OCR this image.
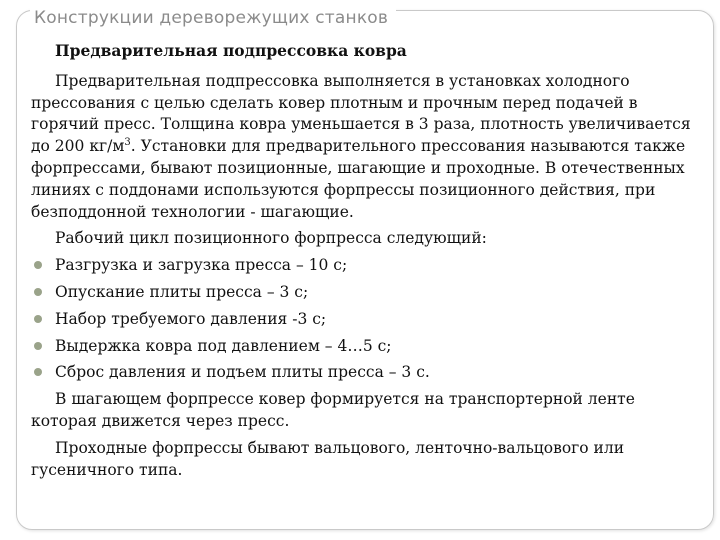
Конструкции дереворежущих станков

Предварительная подпрессовка ковра

Предварительная подпрессовка выполняется в установках холодного прессования с целью сделать ковер плотным и прочным перед подачей в горячий пресс. Толщина ковра уменьшается в 3 раза, плотность увеличивается до 200 $кг/м^3$. Установки для предварительного прессования называются также форпрессами, бывают позиционные, шагающие и проходные. В отечественных линиях с поддонами используются форпрессы позиционного действия, при безподдонной технологии - шагающие.

Рабочий цикл позиционного форпресса следующий:

Разгрузка и загрузка пресса – 10 с;
Опускание плиты пресса – 3 с;
Набор требуемого давления -3 с;
Выдержка ковра под давлением – 4…5 с;
Сброс давления и подъем плиты пресса – 3 с.

В шагающем форпрессе ковер формируется на транспортерной ленте которая движется через пресс.

Проходные форпрессы бывают вальцового, ленточно-вальцового или гусеничного типа.
